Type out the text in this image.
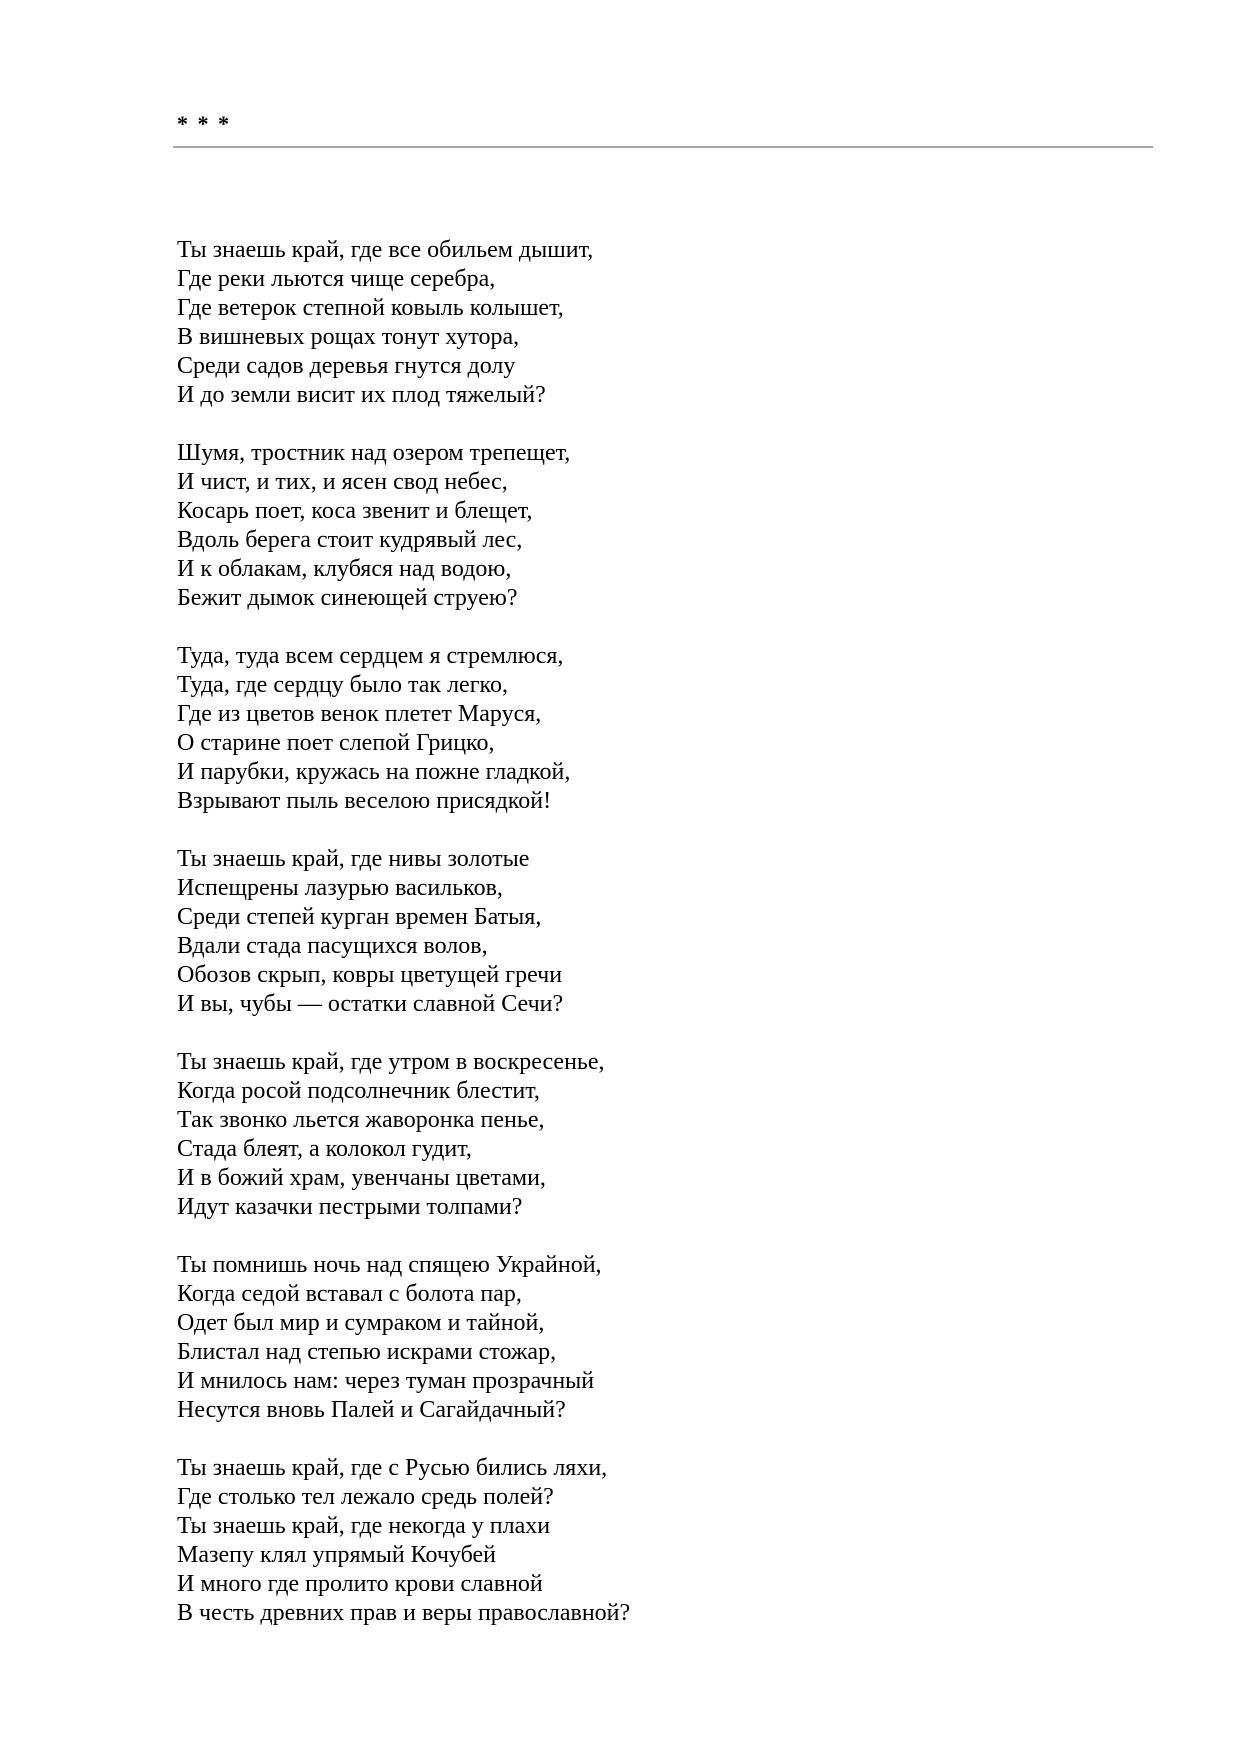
* * *
Ты знаешь край, где все обильем дышит,
Где реки льются чище серебра,
Где ветерок степной ковыль колышет,
В вишневых рощах тонут хутора,
Среди садов деревья гнутся долу
И до земли висит их плод тяжелый?
Шумя, тростник над озером трепещет,
И чист, и тих, и ясен свод небес,
Косарь поет, коса звенит и блещет,
Вдоль берега стоит кудрявый лес,
И к облакам, клубяся над водою,
Бежит дымок синеющей струею?
Туда, туда всем сердцем я стремлюся,
Туда, где сердцу было так легко,
Где из цветов венок плетет Маруся,
О старине поет слепой Грицко,
И парубки, кружась на пожне гладкой,
Взрывают пыль веселою присядкой!
Ты знаешь край, где нивы золотые
Испещрены лазурью васильков,
Среди степей курган времен Батыя,
Вдали стада пасущихся волов,
Обозов скрып, ковры цветущей гречи
И вы, чубы — остатки славной Сечи?
Ты знаешь край, где утром в воскресенье,
Когда росой подсолнечник блестит,
Так звонко льется жаворонка пенье,
Стада блеят, а колокол гудит,
И в божий храм, увенчаны цветами,
Идут казачки пестрыми толпами?
Ты помнишь ночь над спящею Украйной,
Когда седой вставал с болота пар,
Одет был мир и сумраком и тайной,
Блистал над степью искрами стожар,
И мнилось нам: через туман прозрачный
Несутся вновь Палей и Сагайдачный?
Ты знаешь край, где с Русью бились ляхи,
Где столько тел лежало средь полей?
Ты знаешь край, где некогда у плахи
Мазепу клял упрямый Кочубей
И много где пролито крови славной
В честь древних прав и веры православной?
